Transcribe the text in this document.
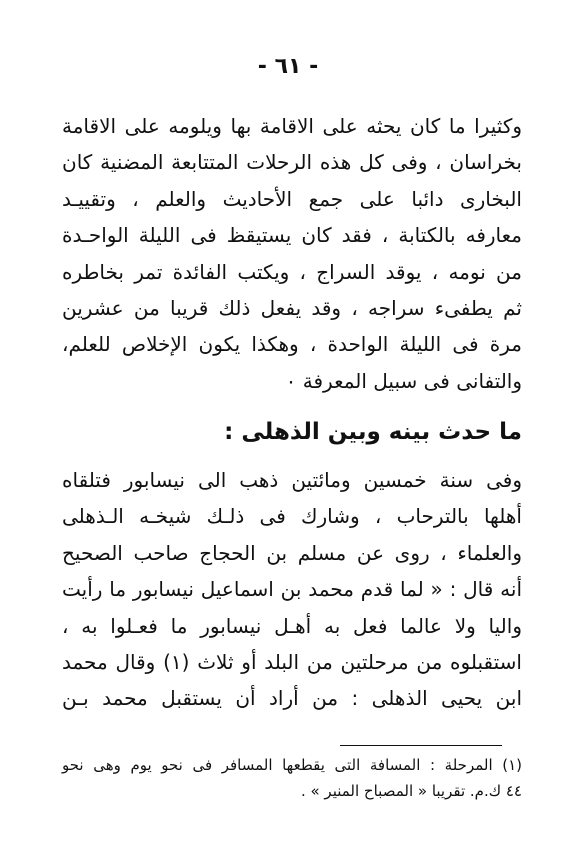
- ٦١ -
وكثيرا ما كان يحثه على الاقامة بها ويلومه على الاقامة
بخراسان ، وفى كل هذه الرحلات المتتابعة المضنية كان
البخارى دائبا على جمع الأحاديث والعلم ، وتقييـد
معارفه بالكتابة ، فقد كان يستيقظ فى الليلة الواحـدة
من نومه ، يوقد السراج ، ويكتب الفائدة تمر بخاطره
ثم يطفىء سراجه ، وقد يفعل ذلك قريبا من عشرين
مرة فى الليلة الواحدة ، وهكذا يكون الإخلاص للعلم،
والتفانى فى سبيل المعرفة ٠
ما حدث بينه وبين الذهلى :
وفى سنة خمسين ومائتين ذهب الى نيسابور فتلقاه
أهلها بالترحاب ، وشارك فى ذلـك شيخـه الـذهلى
والعلماء ، روى عن مسلم بن الحجاج صاحب الصحيح
أنه قال : « لما قدم محمد بن اسماعيل نيسابور ما رأيت
واليا ولا عالما فعل به أهـل نيسابور ما فعـلوا به ،
استقبلوه من مرحلتين من البلد أو ثلاث (١) وقال محمد
ابن يحيى الذهلى : من أراد أن يستقبل محمد بـن
(١) المرحلة : المسافة التى يقطعها المسافر فى نحو يوم وهى نحو
٤٤ ك.م. تقريبا « المصباح المنير » .
